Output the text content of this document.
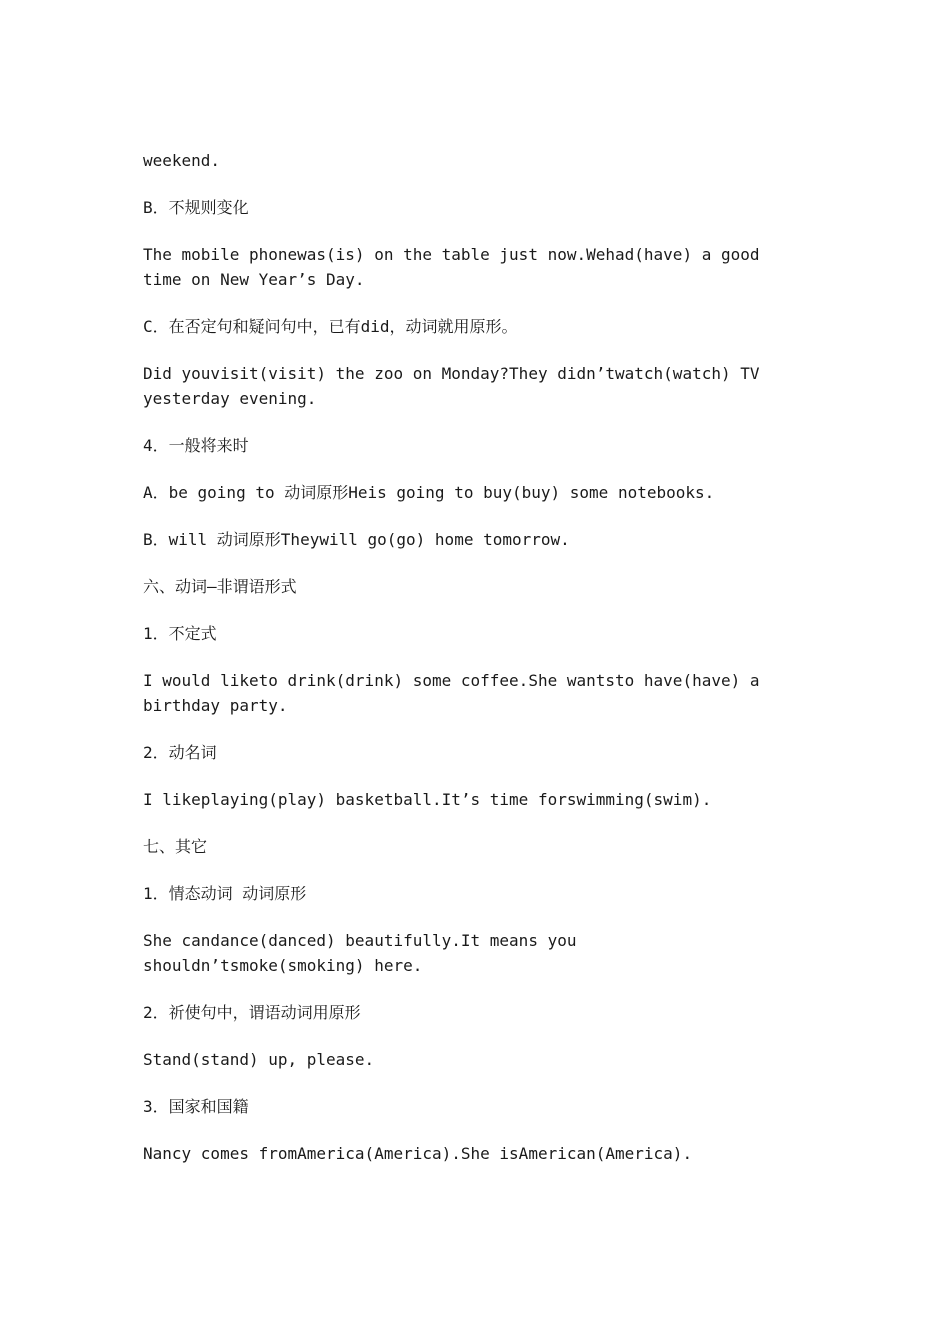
weekend.
B．不规则变化
The mobile phonewas(is) on the table just now.Wehad(have) a good
time on New Year’s Day.
C．在否定句和疑问句中，已有did，动词就用原形。
Did youvisit(visit) the zoo on Monday?They didn’twatch(watch) TV
yesterday evening.
4．一般将来时
A．be going to 动词原形Heis going to buy(buy) some notebooks.
B．will 动词原形Theywill go(go) home tomorrow.
六、动词—非谓语形式
1．不定式
I would liketo drink(drink) some coffee.She wantsto have(have) a
birthday party.
2．动名词
I likeplaying(play) basketball.It’s time forswimming(swim).
七、其它
1．情态动词 动词原形
She candance(danced) beautifully.It means you
shouldn’tsmoke(smoking) here.
2．祈使句中，谓语动词用原形
Stand(stand) up, please.
3．国家和国籍
Nancy comes fromAmerica(America).She isAmerican(America).
